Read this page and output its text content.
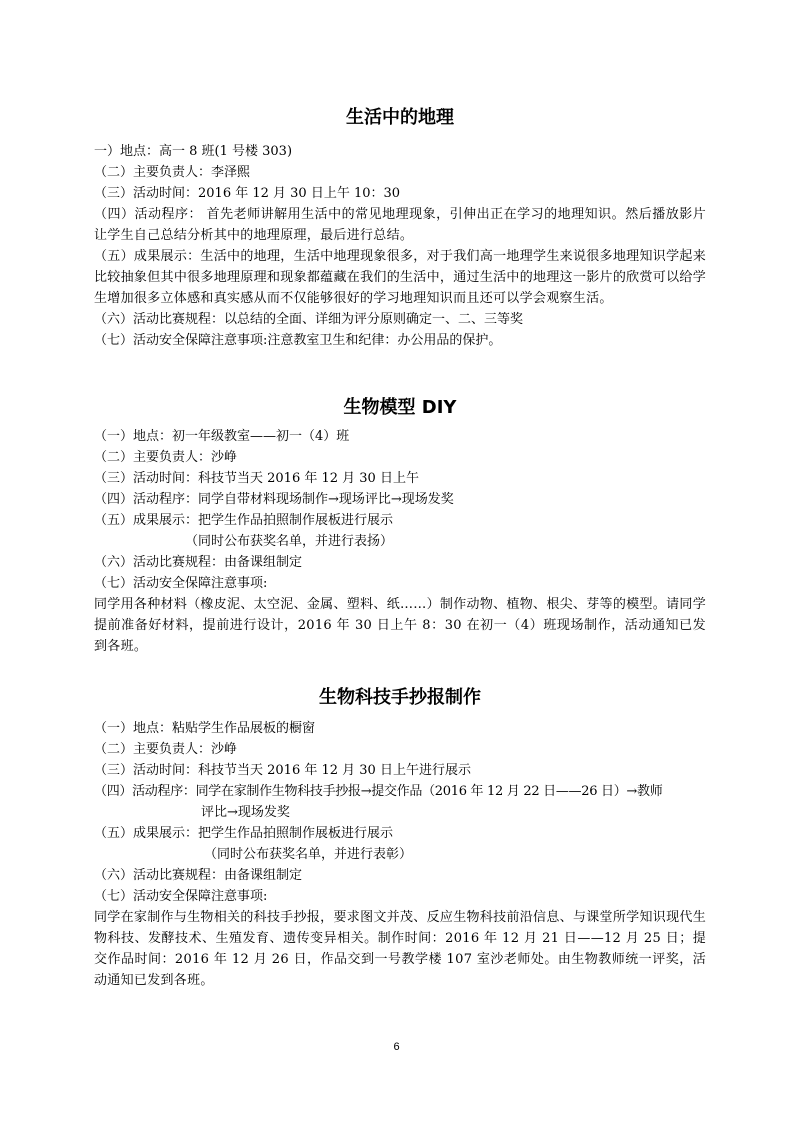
生活中的地理

一）地点：高一 8 班(1 号楼 303)

（二）主要负责人：李泽熙

（三）活动时间：2016 年 12 月 30 日上午 10：30

（四）活动程序： 首先老师讲解用生活中的常见地理现象，引伸出正在学习的地理知识。然后播放影片让学生自己总结分析其中的地理原理，最后进行总结。

（五）成果展示：生活中的地理，生活中地理现象很多，对于我们高一地理学生来说很多地理知识学起来比较抽象但其中很多地理原理和现象都蕴藏在我们的生活中，通过生活中的地理这一影片的欣赏可以给学生增加很多立体感和真实感从而不仅能够很好的学习地理知识而且还可以学会观察生活。

（六）活动比赛规程：以总结的全面、详细为评分原则确定一、二、三等奖

（七）活动安全保障注意事项:注意教室卫生和纪律：办公用品的保护。

生物模型 DIY

（一）地点：初一年级教室——初一（4）班

（二）主要负责人：沙峥

（三）活动时间：科技节当天 2016 年 12 月 30 日上午

（四）活动程序：同学自带材料现场制作→现场评比→现场发奖

（五）成果展示：把学生作品拍照制作展板进行展示

（同时公布获奖名单，并进行表扬）

（六）活动比赛规程：由备课组制定

（七）活动安全保障注意事项:

同学用各种材料（橡皮泥、太空泥、金属、塑料、纸……）制作动物、植物、根尖、芽等的模型。请同学提前准备好材料，提前进行设计，2016 年 30 日上午 8：30 在初一（4）班现场制作，活动通知已发到各班。

生物科技手抄报制作

（一）地点：粘贴学生作品展板的橱窗

（二）主要负责人：沙峥

（三）活动时间：科技节当天 2016 年 12 月 30 日上午进行展示

（四）活动程序：同学在家制作生物科技手抄报→提交作品（2016 年 12 月 22 日——26 日）→教师

评比→现场发奖

（五）成果展示：把学生作品拍照制作展板进行展示

（同时公布获奖名单，并进行表彰）

（六）活动比赛规程：由备课组制定

（七）活动安全保障注意事项:

同学在家制作与生物相关的科技手抄报，要求图文并茂、反应生物科技前沿信息、与课堂所学知识现代生物科技、发酵技术、生殖发育、遗传变异相关。制作时间：2016 年 12 月 21 日——12 月 25 日；提交作品时间：2016 年 12 月 26 日，作品交到一号教学楼 107 室沙老师处。由生物教师统一评奖，活动通知已发到各班。

6
